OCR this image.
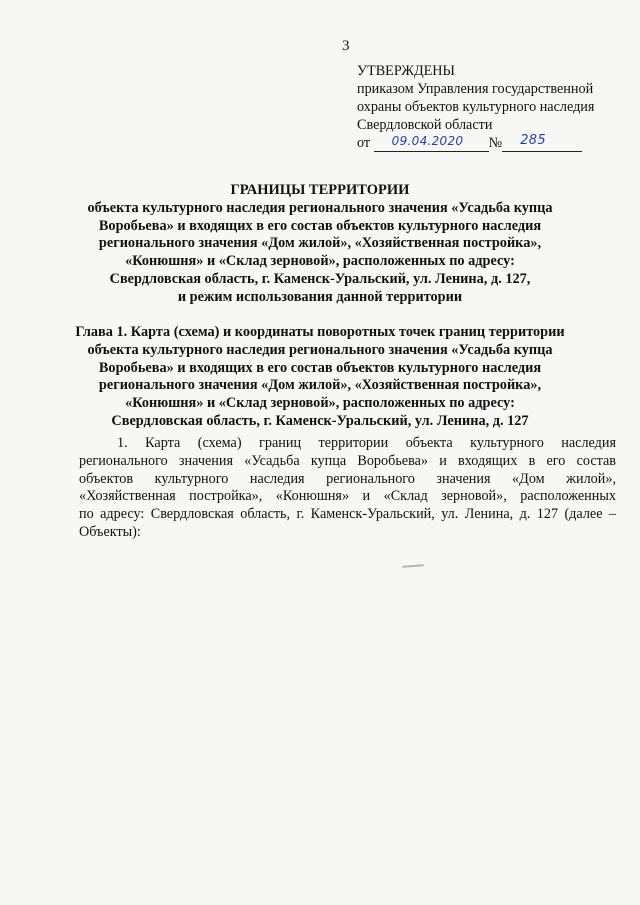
3
УТВЕРЖДЕНЫ
приказом Управления государственной
охраны объектов культурного наследия
Свердловской области
от 09.04.2020 № 285
ГРАНИЦЫ ТЕРРИТОРИИ
объекта культурного наследия регионального значения «Усадьба купца
Воробьева» и входящих в его состав объектов культурного наследия
регионального значения «Дом жилой», «Хозяйственная постройка»,
«Конюшня» и «Склад зерновой», расположенных по адресу:
Свердловская область, г. Каменск-Уральский, ул. Ленина, д. 127,
и режим использования данной территории
Глава 1. Карта (схема) и координаты поворотных точек границ территории
объекта культурного наследия регионального значения «Усадьба купца
Воробьева» и входящих в его состав объектов культурного наследия
регионального значения «Дом жилой», «Хозяйственная постройка»,
«Конюшня» и «Склад зерновой», расположенных по адресу:
Свердловская область, г. Каменск-Уральский, ул. Ленина, д. 127
1. Карта (схема) границ территории объекта культурного наследия
регионального значения «Усадьба купца Воробьева» и входящих в его состав
объектов культурного наследия регионального значения «Дом жилой»,
«Хозяйственная постройка», «Конюшня» и «Склад зерновой», расположенных
по адресу: Свердловская область, г. Каменск-Уральский, ул. Ленина, д. 127 (далее –
Объекты):
